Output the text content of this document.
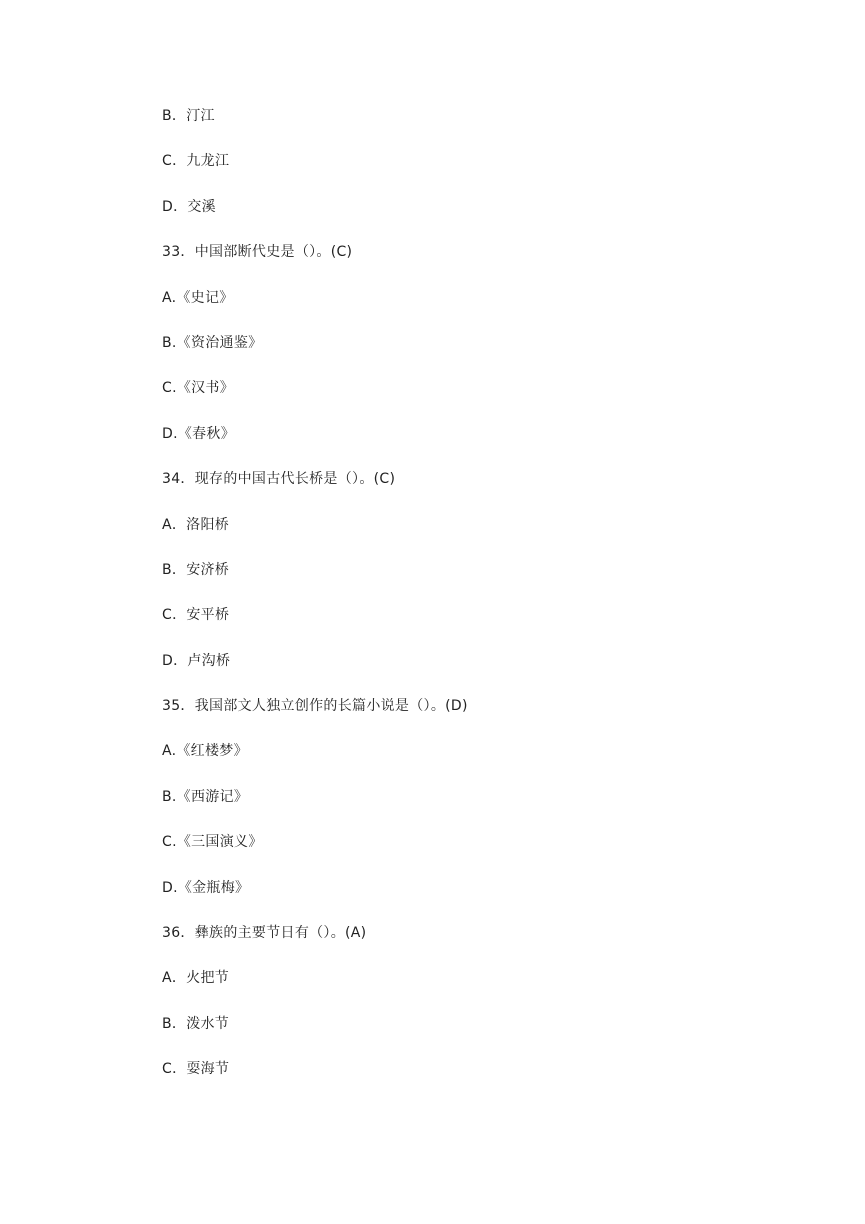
B．汀江
C．九龙江
D．交溪
33．中国部断代史是（）。(C)
A.《史记》
B.《资治通鉴》
C.《汉书》
D.《春秋》
34．现存的中国古代长桥是（）。(C)
A．洛阳桥
B．安济桥
C．安平桥
D．卢沟桥
35．我国部文人独立创作的长篇小说是（）。(D)
A.《红楼梦》
B.《西游记》
C.《三国演义》
D.《金瓶梅》
36．彝族的主要节日有（）。(A)
A．火把节
B．泼水节
C．耍海节
